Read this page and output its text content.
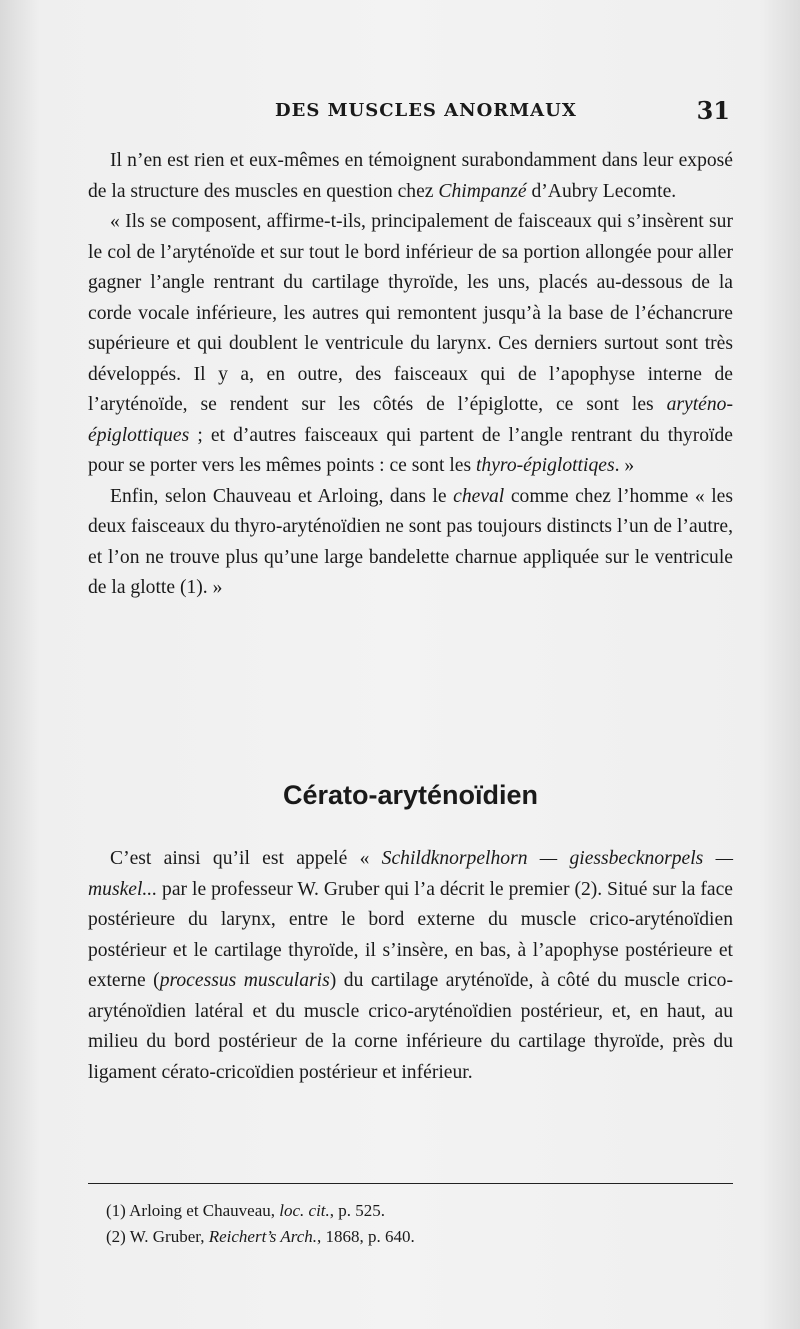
DES MUSCLES ANORMAUX	31

Il n’en est rien et eux-mêmes en témoignent surabondamment dans leur exposé de la structure des muscles en question chez Chimpanzé d’Aubry Lecomte.

« Ils se composent, affirme-t-ils, principalement de faisceaux qui s’insèrent sur le col de l’aryténoïde et sur tout le bord inférieur de sa portion allongée pour aller gagner l’angle rentrant du cartilage thyroïde, les uns, placés au-dessous de la corde vocale inférieure, les autres qui remontent jusqu’à la base de l’échancrure supérieure et qui doublent le ventricule du larynx. Ces derniers surtout sont très développés. Il y a, en outre, des faisceaux qui de l’apophyse interne de l’aryténoïde, se rendent sur les côtés de l’épiglotte, ce sont les aryténo-épiglottiques ; et d’autres faisceaux qui partent de l’angle rentrant du thyroïde pour se porter vers les mêmes points : ce sont les thyro-épiglottiqes. »

Enfin, selon Chauveau et Arloing, dans le cheval comme chez l’homme « les deux faisceaux du thyro-aryténoïdien ne sont pas toujours distincts l’un de l’autre, et l’on ne trouve plus qu’une large bandelette charnue appliquée sur le ventricule de la glotte (1). »

Cérato-aryténoïdien

C’est ainsi qu’il est appelé « Schildknorpelhorn — giessbecknorpels — muskel... par le professeur W. Gruber qui l’a décrit le premier (2). Situé sur la face postérieure du larynx, entre le bord externe du muscle crico-aryténoïdien postérieur et le cartilage thyroïde, il s’insère, en bas, à l’apophyse postérieure et externe (processus muscularis) du cartilage aryténoïde, à côté du muscle crico-aryténoïdien latéral et du muscle crico-aryténoïdien postérieur, et, en haut, au milieu du bord postérieur de la corne inférieure du cartilage thyroïde, près du ligament cérato-cricoïdien postérieur et inférieur.

(1) Arloing et Chauveau, loc. cit., p. 525.

(2) W. Gruber, Reichert’s Arch., 1868, p. 640.
